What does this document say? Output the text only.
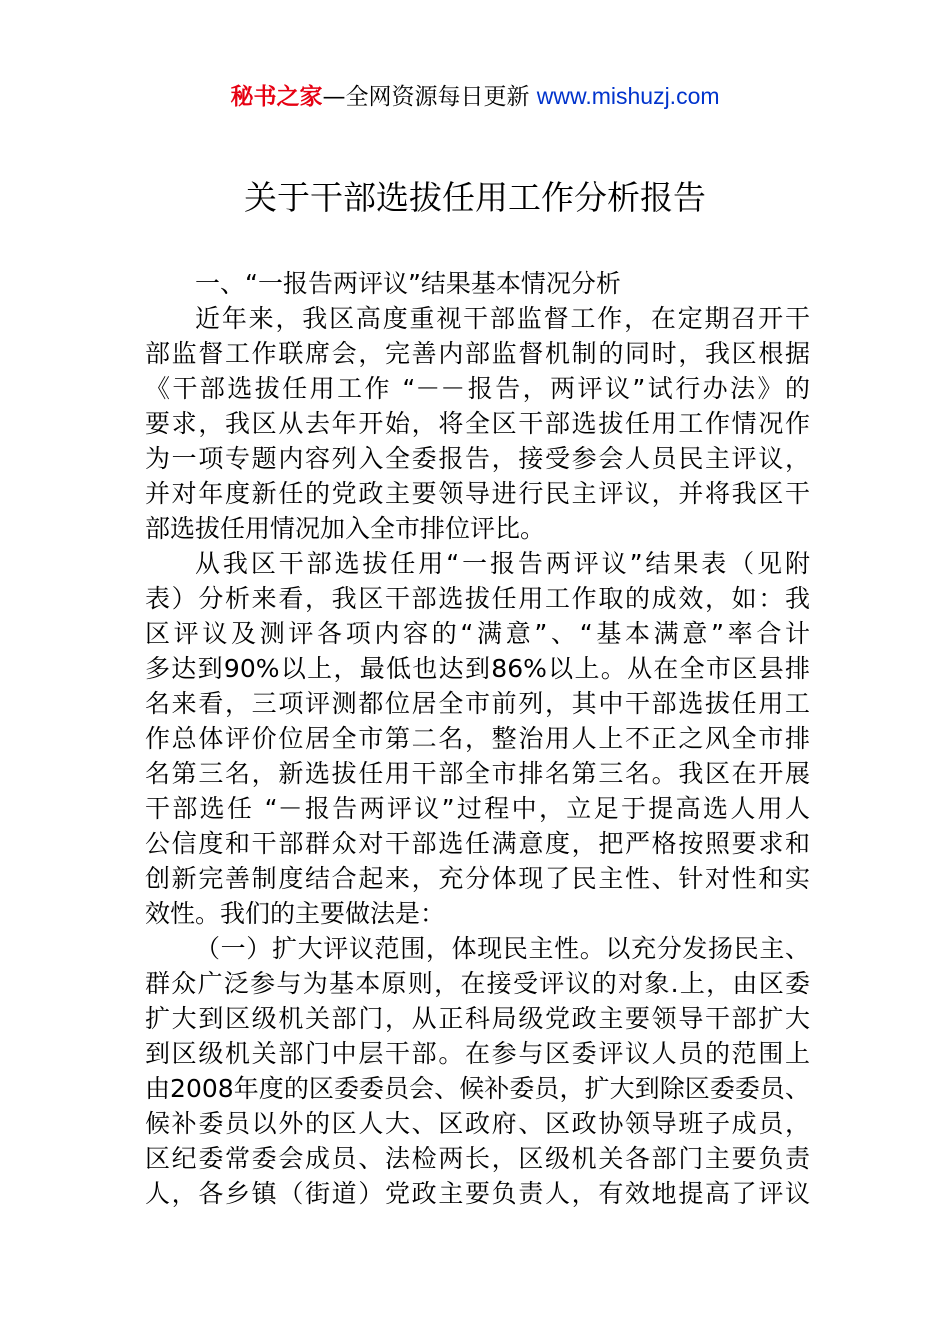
秘书之家—全网资源每日更新 www.mishuzj.com
关于干部选拔任用工作分析报告
一、“一报告两评议”结果基本情况分析
近年来，我区高度重视干部监督工作，在定期召开干
部监督工作联席会，完善内部监督机制的同时，我区根据
《干部选拔任用工作 “－－报告，两评议”试行办法》的
要求，我区从去年开始，将全区干部选拔任用工作情况作
为一项专题内容列入全委报告，接受参会人员民主评议，
并对年度新任的党政主要领导进行民主评议，并将我区干
部选拔任用情况加入全市排位评比。
从我区干部选拔任用“一报告两评议”结果表（见附
表）分析来看，我区干部选拔任用工作取的成效，如：我
区评议及测评各项内容的“满意”、“基本满意”率合计
多达到90%以上，最低也达到86%以上。从在全市区县排
名来看，三项评测都位居全市前列，其中干部选拔任用工
作总体评价位居全市第二名，整治用人上不正之风全市排
名第三名，新选拔任用干部全市排名第三名。我区在开展
干部选任 “－报告两评议”过程中，立足于提高选人用人
公信度和干部群众对干部选任满意度，把严格按照要求和
创新完善制度结合起来，充分体现了民主性、针对性和实
效性。我们的主要做法是：
（一）扩大评议范围，体现民主性。以充分发扬民主、
群众广泛参与为基本原则，在接受评议的对象.上，由区委
扩大到区级机关部门，从正科局级党政主要领导干部扩大
到区级机关部门中层干部。在参与区委评议人员的范围上
由2008年度的区委委员会、候补委员，扩大到除区委委员、
候补委员以外的区人大、区政府、区政协领导班子成员，
区纪委常委会成员、法检两长，区级机关各部门主要负责
人，各乡镇（街道）党政主要负责人，有效地提高了评议
